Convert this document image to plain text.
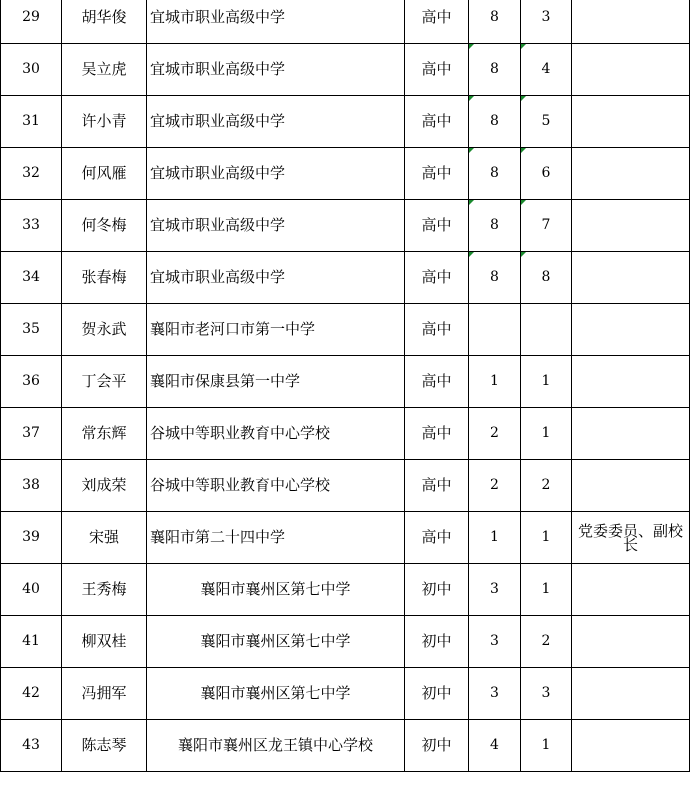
29	胡华俊	宜城市职业高级中学	高中	8	3

30	吴立虎	宜城市职业高级中学	高中	8	4

31	许小青	宜城市职业高级中学	高中	8	5

32	何风雁	宜城市职业高级中学	高中	8	6

33	何冬梅	宜城市职业高级中学	高中	8	7

34	张春梅	宜城市职业高级中学	高中	8	8

35	贺永武	襄阳市老河口市第一中学	高中			
36	丁会平	襄阳市保康县第一中学	高中	1	1	
37	常东辉	谷城中等职业教育中心学校	高中	2	1	
38	刘成荣	谷城中等职业教育中心学校	高中	2	2	
39	宋强	襄阳市第二十四中学	高中	1	1	党委委员、副校长
40	王秀梅	襄阳市襄州区第七中学	初中	3	1	
41	柳双桂	襄阳市襄州区第七中学	初中	3	2	
42	冯拥军	襄阳市襄州区第七中学	初中	3	3	
43	陈志琴	襄阳市襄州区龙王镇中心学校	初中	4	1	
